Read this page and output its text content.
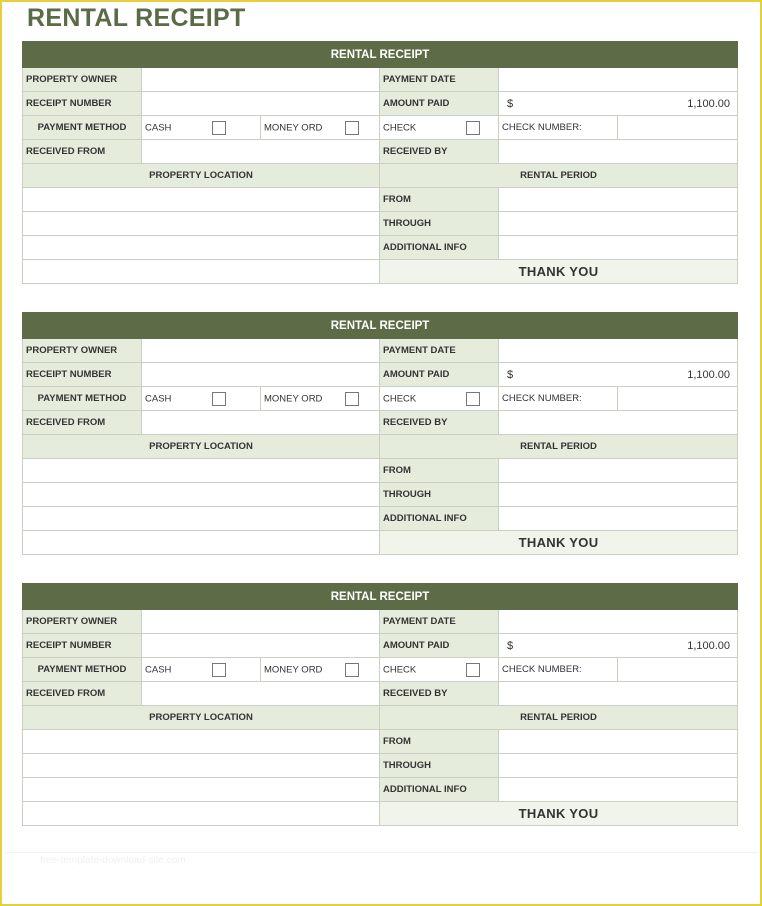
RENTAL RECEIPT
RENTAL RECEIPT					
PROPERTY OWNER			PAYMENT DATE		
RECEIPT NUMBER			AMOUNT PAID	$ 1,100.00	

PAYMENT METHOD	CASH	MONEY ORD	CHECK	CHECK NUMBER:	
RECEIVED FROM			RECEIVED BY		
PROPERTY LOCATION			RENTAL PERIOD		
			FROM		
			THROUGH		
			ADDITIONAL INFO		
			THANK YOU		
RENTAL RECEIPT					
PROPERTY OWNER			PAYMENT DATE		
RECEIPT NUMBER			AMOUNT PAID	$ 1,100.00	

PAYMENT METHOD	CASH	MONEY ORD	CHECK	CHECK NUMBER:	
RECEIVED FROM			RECEIVED BY		
PROPERTY LOCATION			RENTAL PERIOD		
			FROM		
			THROUGH		
			ADDITIONAL INFO		
			THANK YOU		
RENTAL RECEIPT					
PROPERTY OWNER			PAYMENT DATE		
RECEIPT NUMBER			AMOUNT PAID	$ 1,100.00	

PAYMENT METHOD	CASH	MONEY ORD	CHECK	CHECK NUMBER:	
RECEIVED FROM			RECEIVED BY		
PROPERTY LOCATION			RENTAL PERIOD		
			FROM		
			THROUGH		
			ADDITIONAL INFO		
			THANK YOU		
free-template-download-site.com
